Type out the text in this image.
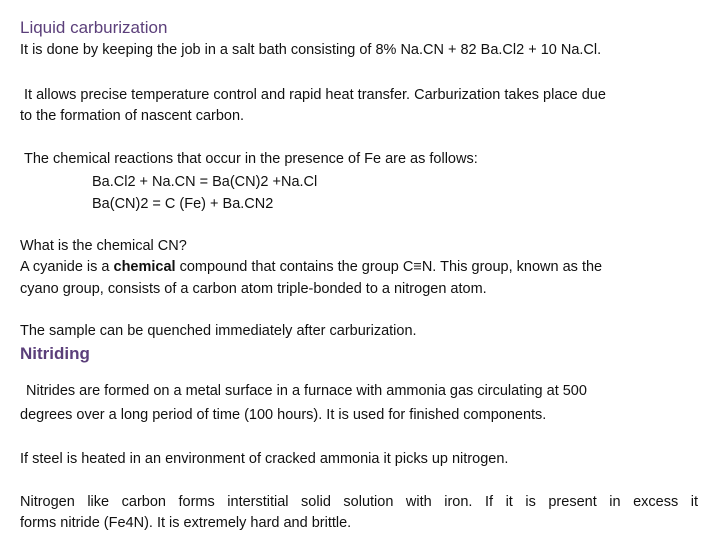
Liquid carburization
It is done by keeping the job in a salt bath consisting of 8% Na.CN + 82 Ba.Cl2 + 10 Na.Cl.
It allows precise temperature control and rapid heat transfer. Carburization takes place due
to the formation of nascent carbon.
The chemical reactions that occur in the presence of Fe are as follows:
Ba.Cl2 + Na.CN = Ba(CN)2 +Na.Cl
Ba(CN)2 = C (Fe) + Ba.CN2
What is the chemical CN?
A cyanide is a chemical compound that contains the group C≡N. This group, known as the
cyano group, consists of a carbon atom triple-bonded to a nitrogen atom.
The sample can be quenched immediately after carburization.
Nitriding
Nitrides are formed on a metal surface in a furnace with ammonia gas circulating at 500
degrees over a long period of time (100 hours). It is used for finished components.
If steel is heated in an environment of cracked ammonia it picks up nitrogen.
Nitrogen like carbon forms interstitial solid solution with iron. If it is present in excess it
forms nitride (Fe4N). It is extremely hard and brittle.
